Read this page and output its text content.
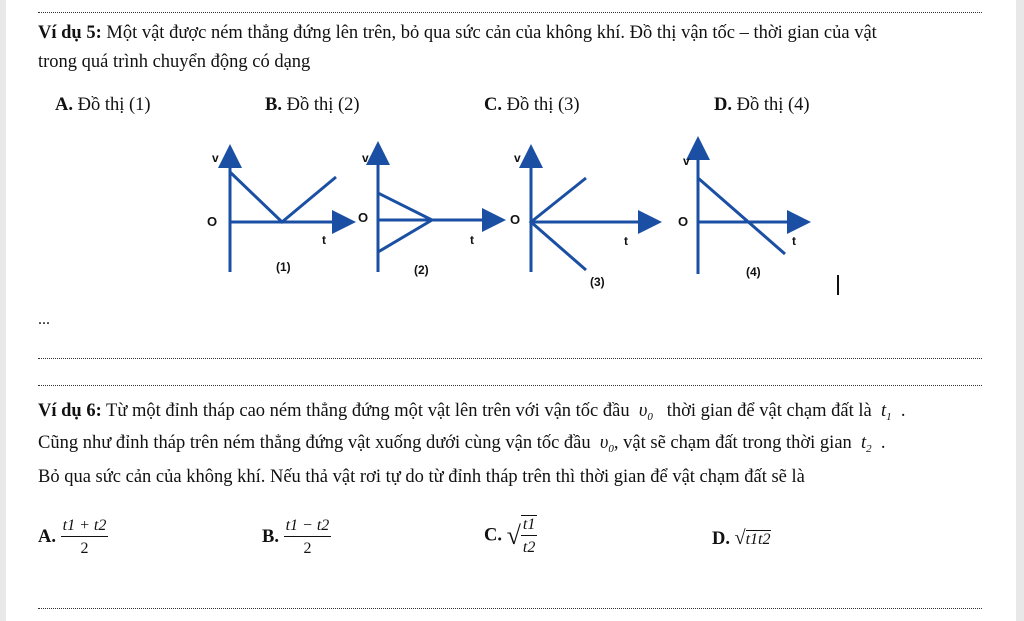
Ví dụ 5: Một vật được ném thẳng đứng lên trên, bỏ qua sức cản của không khí. Đồ thị vận tốc – thời gian của vật
trong quá trình chuyển động có dạng
A. Đồ thị (1)	B. Đồ thị (2)	C. Đồ thị (3)	D. Đồ thị (4)
v
O
t
(1)
v
O
t
(2)
v
O
t
(3)
v
O
t
(4)
...
Ví dụ 6: Từ một đỉnh tháp cao ném thẳng đứng một vật lên trên với vận tốc đầu $\upsilon_0$ thời gian để vật chạm đất là $t_1$ .
Cũng như đỉnh tháp trên ném thẳng đứng vật xuống dưới cùng vận tốc đầu $\upsilon_0$, vật sẽ chạm đất trong thời gian $t_2$ .
Bỏ qua sức cản của không khí. Nếu thả vật rơi tự do từ đỉnh tháp trên thì thời gian để vật chạm đất sẽ là
A. $\frac{t1 + t2}{2}$	B. $\frac{t1 - t2}{2}$	C. √ $\frac{t1}{t2}$	D. √t1t2
